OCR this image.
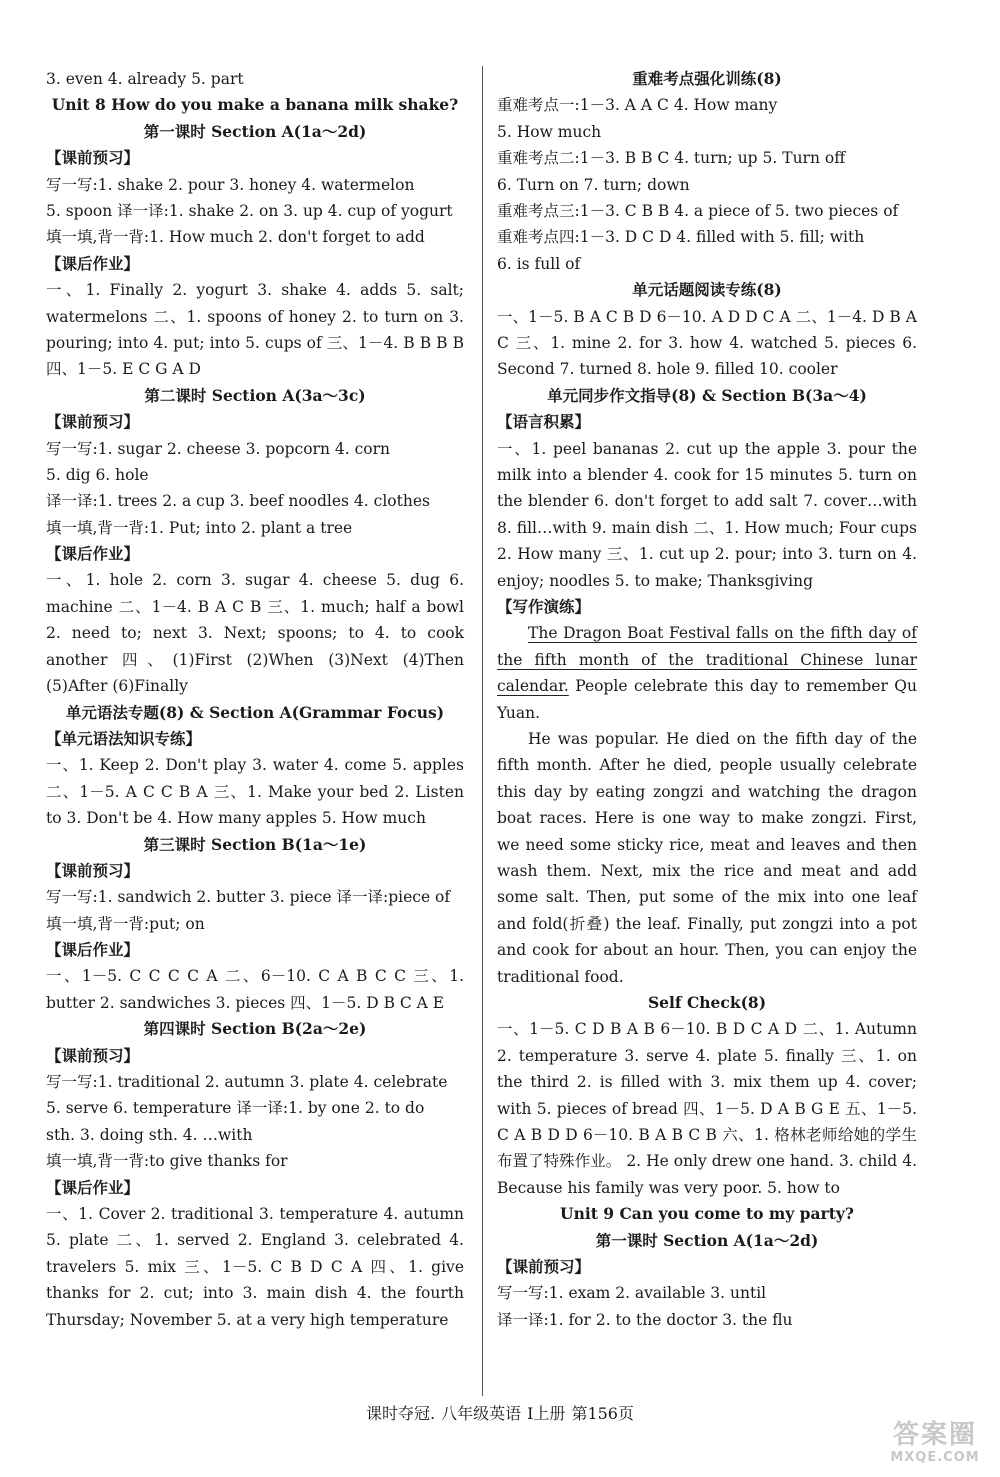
3. even 4. already 5. part
Unit 8 How do you make a banana milk shake?
第一课时 Section A(1a～2d)
【课前预习】
写一写:1. shake 2. pour 3. honey 4. watermelon
5. spoon 译一译:1. shake 2. on 3. up 4. cup of yogurt
填一填,背一背:1. How much 2. don't forget to add
【课后作业】
一、1. Finally 2. yogurt 3. shake 4. adds 5. salt; watermelons 二、1. spoons of honey 2. to turn on 3. pouring; into 4. put; into 5. cups of 三、1－4. B B B B 四、1－5. E C G A D
第二课时 Section A(3a～3c)
【课前预习】
写一写:1. sugar 2. cheese 3. popcorn 4. corn
5. dig 6. hole
译一译:1. trees 2. a cup 3. beef noodles 4. clothes
填一填,背一背:1. Put; into 2. plant a tree
【课后作业】
一、1. hole 2. corn 3. sugar 4. cheese 5. dug 6. machine 二、1－4. B A C B 三、1. much; half a bowl 2. need to; next 3. Next; spoons; to 4. to cook another 四、(1)First (2)When (3)Next (4)Then (5)After (6)Finally
单元语法专题(8) & Section A(Grammar Focus)
【单元语法知识专练】
一、1. Keep 2. Don't play 3. water 4. come 5. apples 二、1－5. A C C B A 三、1. Make your bed 2. Listen to 3. Don't be 4. How many apples 5. How much
第三课时 Section B(1a～1e)
【课前预习】
写一写:1. sandwich 2. butter 3. piece 译一译:piece of
填一填,背一背:put; on
【课后作业】
一、1－5. C C C C A 二、6－10. C A B C C 三、1. butter 2. sandwiches 3. pieces 四、1－5. D B C A E
第四课时 Section B(2a～2e)
【课前预习】
写一写:1. traditional 2. autumn 3. plate 4. celebrate
5. serve 6. temperature 译一译:1. by one 2. to do
sth. 3. doing sth. 4. …with
填一填,背一背:to give thanks for
【课后作业】
一、1. Cover 2. traditional 3. temperature 4. autumn 5. plate 二、1. served 2. England 3. celebrated 4. travelers 5. mix 三、1－5. C B D C A 四、1. give thanks for 2. cut; into 3. main dish 4. the fourth Thursday; November 5. at a very high temperature
重难考点强化训练(8)
重难考点一:1－3. A A C 4. How many
5. How much
重难考点二:1－3. B B C 4. turn; up 5. Turn off
6. Turn on 7. turn; down
重难考点三:1－3. C B B 4. a piece of 5. two pieces of
重难考点四:1－3. D C D 4. filled with 5. fill; with
6. is full of
单元话题阅读专练(8)
一、1－5. B A C B D 6－10. A D D C A 二、1－4. D B A C 三、1. mine 2. for 3. how 4. watched 5. pieces 6. Second 7. turned 8. hole 9. filled 10. cooler
单元同步作文指导(8) & Section B(3a～4)
【语言积累】
一、1. peel bananas 2. cut up the apple 3. pour the milk into a blender 4. cook for 15 minutes 5. turn on the blender 6. don't forget to add salt 7. cover…with 8. fill…with 9. main dish 二、1. How much; Four cups 2. How many 三、1. cut up 2. pour; into 3. turn on 4. enjoy; noodles 5. to make; Thanksgiving
【写作演练】
The Dragon Boat Festival falls on the fifth day of the fifth month of the traditional Chinese lunar calendar. People celebrate this day to remember Qu Yuan.
He was popular. He died on the fifth day of the fifth month. After he died, people usually celebrate this day by eating zongzi and watching the dragon boat races. Here is one way to make zongzi. First, we need some sticky rice, meat and leaves and then wash them. Next, mix the rice and meat and add some salt. Then, put some of the mix into one leaf and fold(折叠) the leaf. Finally, put zongzi into a pot and cook for about an hour. Then, you can enjoy the traditional food.
Self Check(8)
一、1－5. C D B A B 6－10. B D C A D 二、1. Autumn 2. temperature 3. serve 4. plate 5. finally 三、1. on the third 2. is filled with 3. mix them up 4. cover; with 5. pieces of bread 四、1－5. D A B G E 五、1－5. C A B D D 6－10. B A B C B 六、1. 格林老师给她的学生布置了特殊作业。 2. He only drew one hand. 3. child 4. Because his family was very poor. 5. how to
Unit 9 Can you come to my party?
第一课时 Section A(1a～2d)
【课前预习】
写一写:1. exam 2. available 3. until
译一译:1. for 2. to the doctor 3. the flu
课时夺冠. 八年级英语 Ⅰ上册 第156页
答案圈
MXQE.COM
